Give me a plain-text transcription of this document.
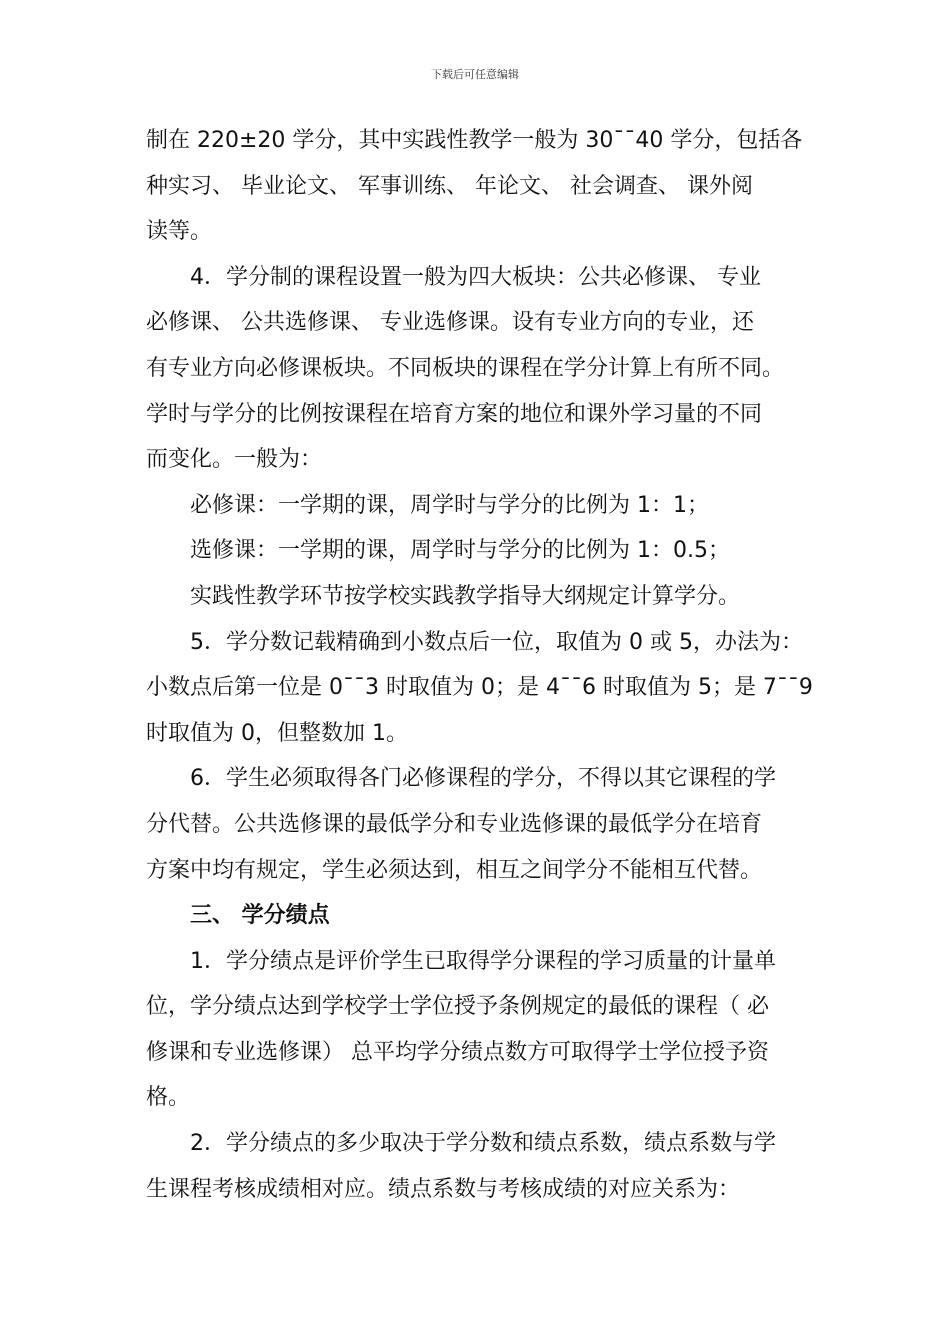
下载后可任意编辑

制在 220±20 学分，其中实践性教学一般为 30¯¯40 学分，包括各

种实习、 毕业论文、 军事训练、 年论文、 社会调查、 课外阅

读等。

4．学分制的课程设置一般为四大板块：公共必修课、 专业

必修课、 公共选修课、 专业选修课。设有专业方向的专业，还

有专业方向必修课板块。不同板块的课程在学分计算上有所不同。

学时与学分的比例按课程在培育方案的地位和课外学习量的不同

而变化。一般为：

必修课：一学期的课，周学时与学分的比例为 1：1；

选修课：一学期的课，周学时与学分的比例为 1：0.5；

实践性教学环节按学校实践教学指导大纲规定计算学分。

5．学分数记载精确到小数点后一位，取值为 0 或 5，办法为：

小数点后第一位是 0¯¯3 时取值为 0；是 4¯¯6 时取值为 5；是 7¯¯9

时取值为 0，但整数加 1。

6．学生必须取得各门必修课程的学分，不得以其它课程的学

分代替。公共选修课的最低学分和专业选修课的最低学分在培育

方案中均有规定，学生必须达到，相互之间学分不能相互代替。

三、 学分绩点

1．学分绩点是评价学生已取得学分课程的学习质量的计量单

位，学分绩点达到学校学士学位授予条例规定的最低的课程（ 必

修课和专业选修课） 总平均学分绩点数方可取得学士学位授予资

格。

2．学分绩点的多少取决于学分数和绩点系数，绩点系数与学

生课程考核成绩相对应。绩点系数与考核成绩的对应关系为：
